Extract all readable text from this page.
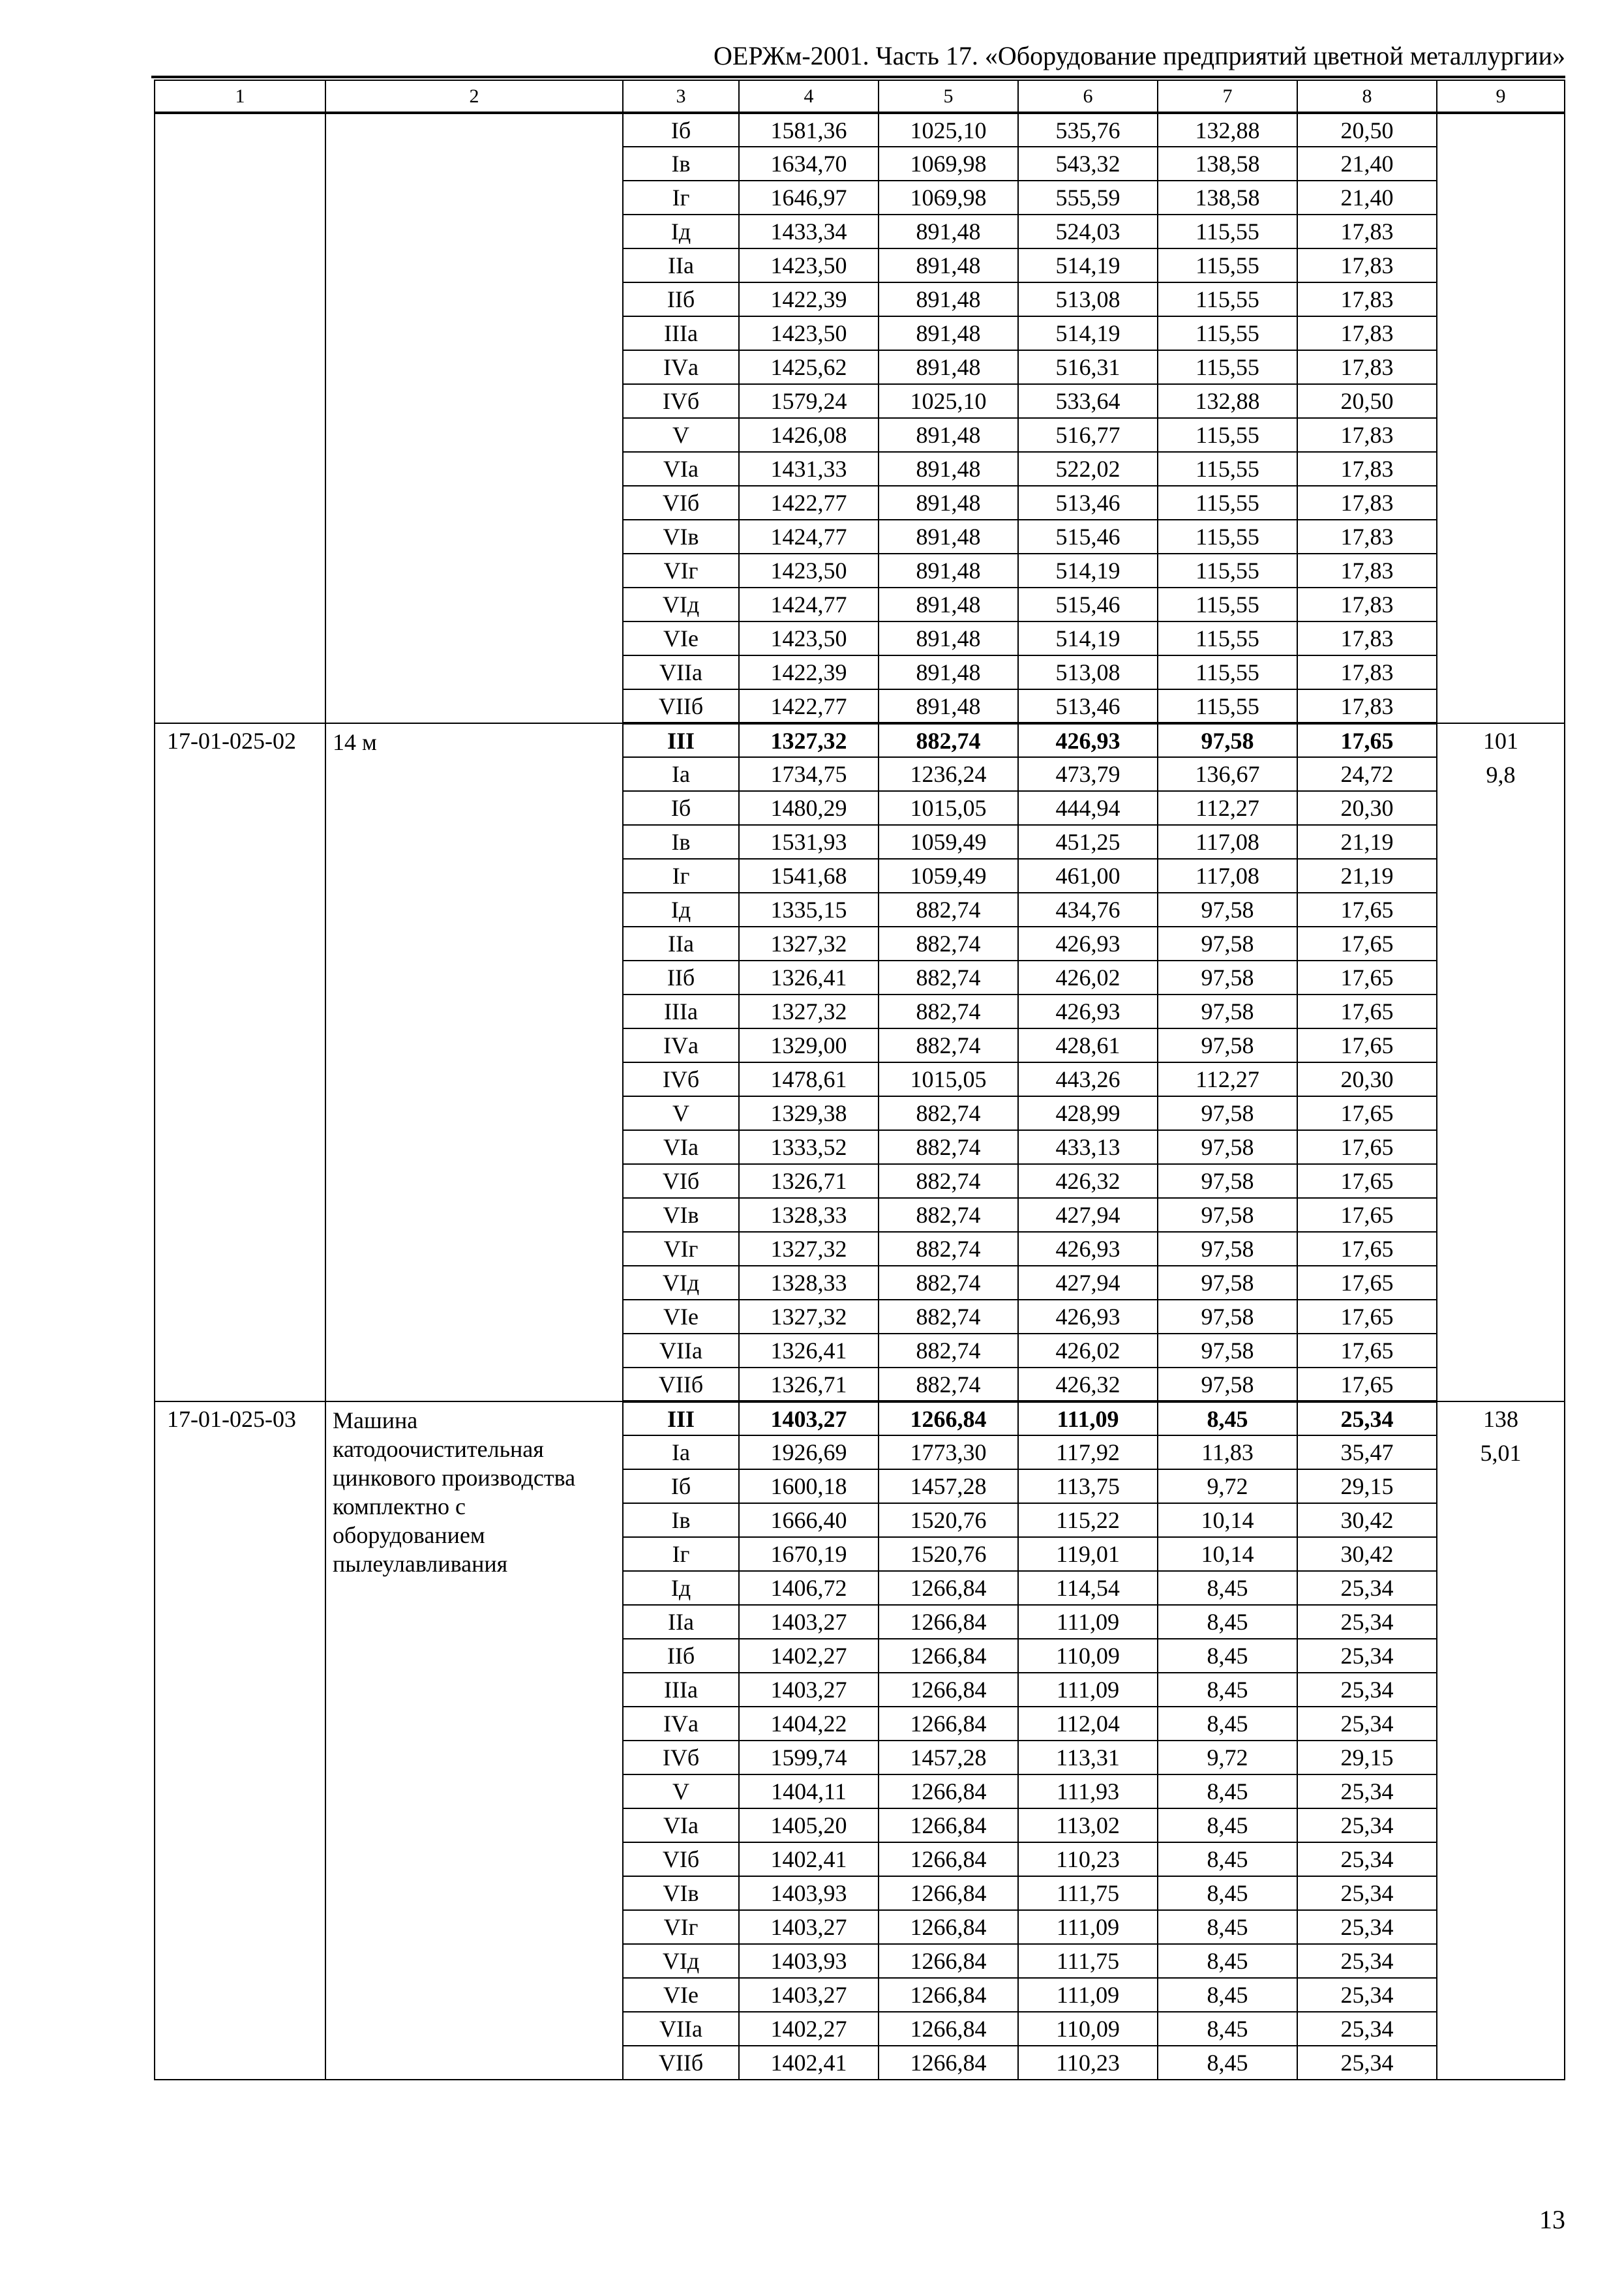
ОЕРЖм-2001. Часть 17. «Оборудование предприятий цветной металлургии»
1	2	3	4	5	6	7	8	9
		Iб	1581,36	1025,10	535,76	132,88	20,50	
		Iв	1634,70	1069,98	543,32	138,58	21,40	
		Iг	1646,97	1069,98	555,59	138,58	21,40	
		Iд	1433,34	891,48	524,03	115,55	17,83	
		IIа	1423,50	891,48	514,19	115,55	17,83	
		IIб	1422,39	891,48	513,08	115,55	17,83	
		IIIа	1423,50	891,48	514,19	115,55	17,83	
		IVа	1425,62	891,48	516,31	115,55	17,83	
		IVб	1579,24	1025,10	533,64	132,88	20,50	
		V	1426,08	891,48	516,77	115,55	17,83	
		VIа	1431,33	891,48	522,02	115,55	17,83	
		VIб	1422,77	891,48	513,46	115,55	17,83	
		VIв	1424,77	891,48	515,46	115,55	17,83	
		VIг	1423,50	891,48	514,19	115,55	17,83	
		VIд	1424,77	891,48	515,46	115,55	17,83	
		VIе	1423,50	891,48	514,19	115,55	17,83	
		VIIа	1422,39	891,48	513,08	115,55	17,83	
		VIIб	1422,77	891,48	513,46	115,55	17,83	
17-01-025-02	14 м	III	1327,32	882,74	426,93	97,58	17,65	101
9,8

		Iа	1734,75	1236,24	473,79	136,67	24,72	
		Iб	1480,29	1015,05	444,94	112,27	20,30	
		Iв	1531,93	1059,49	451,25	117,08	21,19	
		Iг	1541,68	1059,49	461,00	117,08	21,19	
		Iд	1335,15	882,74	434,76	97,58	17,65	
		IIа	1327,32	882,74	426,93	97,58	17,65	
		IIб	1326,41	882,74	426,02	97,58	17,65	
		IIIа	1327,32	882,74	426,93	97,58	17,65	
		IVа	1329,00	882,74	428,61	97,58	17,65	
		IVб	1478,61	1015,05	443,26	112,27	20,30	
		V	1329,38	882,74	428,99	97,58	17,65	
		VIа	1333,52	882,74	433,13	97,58	17,65	
		VIб	1326,71	882,74	426,32	97,58	17,65	
		VIв	1328,33	882,74	427,94	97,58	17,65	
		VIг	1327,32	882,74	426,93	97,58	17,65	
		VIд	1328,33	882,74	427,94	97,58	17,65	
		VIе	1327,32	882,74	426,93	97,58	17,65	
		VIIа	1326,41	882,74	426,02	97,58	17,65	
		VIIб	1326,71	882,74	426,32	97,58	17,65	
17-01-025-03	Машина катодоочистительная цинкового производства комплектно с оборудованием пылеулавливания	III	1403,27	1266,84	111,09	8,45	25,34	138
5,01

		Iа	1926,69	1773,30	117,92	11,83	35,47	
		Iб	1600,18	1457,28	113,75	9,72	29,15	
		Iв	1666,40	1520,76	115,22	10,14	30,42	
		Iг	1670,19	1520,76	119,01	10,14	30,42	
		Iд	1406,72	1266,84	114,54	8,45	25,34	
		IIа	1403,27	1266,84	111,09	8,45	25,34	
		IIб	1402,27	1266,84	110,09	8,45	25,34	
		IIIа	1403,27	1266,84	111,09	8,45	25,34	
		IVа	1404,22	1266,84	112,04	8,45	25,34	
		IVб	1599,74	1457,28	113,31	9,72	29,15	
		V	1404,11	1266,84	111,93	8,45	25,34	
		VIа	1405,20	1266,84	113,02	8,45	25,34	
		VIб	1402,41	1266,84	110,23	8,45	25,34	
		VIв	1403,93	1266,84	111,75	8,45	25,34	
		VIг	1403,27	1266,84	111,09	8,45	25,34	
		VIд	1403,93	1266,84	111,75	8,45	25,34	
		VIе	1403,27	1266,84	111,09	8,45	25,34	
		VIIа	1402,27	1266,84	110,09	8,45	25,34	
		VIIб	1402,41	1266,84	110,23	8,45	25,34	
13
